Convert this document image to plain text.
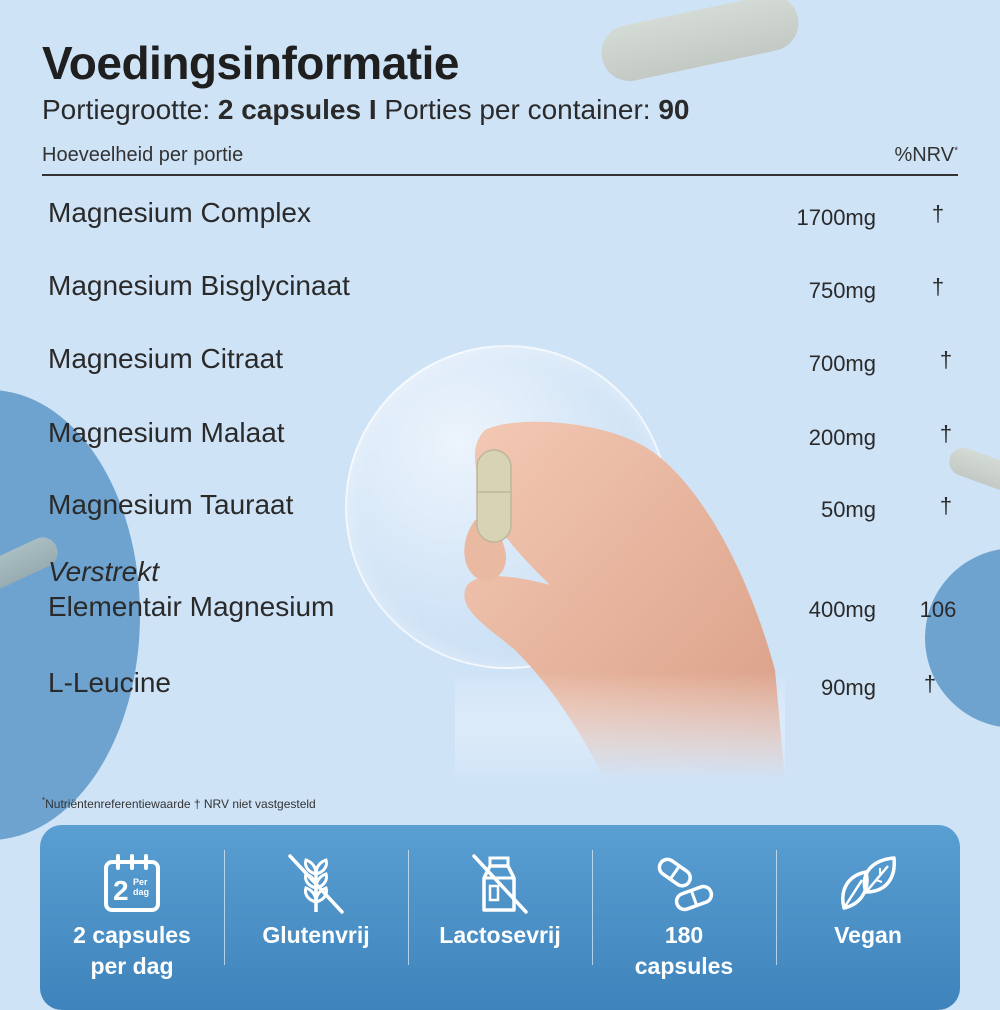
Voedingsinformatie
Portiegrootte: 2 capsules I Porties per container: 90
Hoeveelheid per portie	%NRV*
Magnesium Complex	1700mg	†
Magnesium Bisglycinaat	750mg	†
Magnesium Citraat	700mg	†
Magnesium Malaat	200mg	†
Magnesium Tauraat	50mg	†
Verstrekt
Elementair Magnesium	400mg 106
L-Leucine	90mg	†
*Nutriëntenreferentiewaarde † NRV niet vastgesteld
2 Per
dag
2 capsules
per dag
Glutenvrij	Lactosevrij	180
capsules
Vegan
